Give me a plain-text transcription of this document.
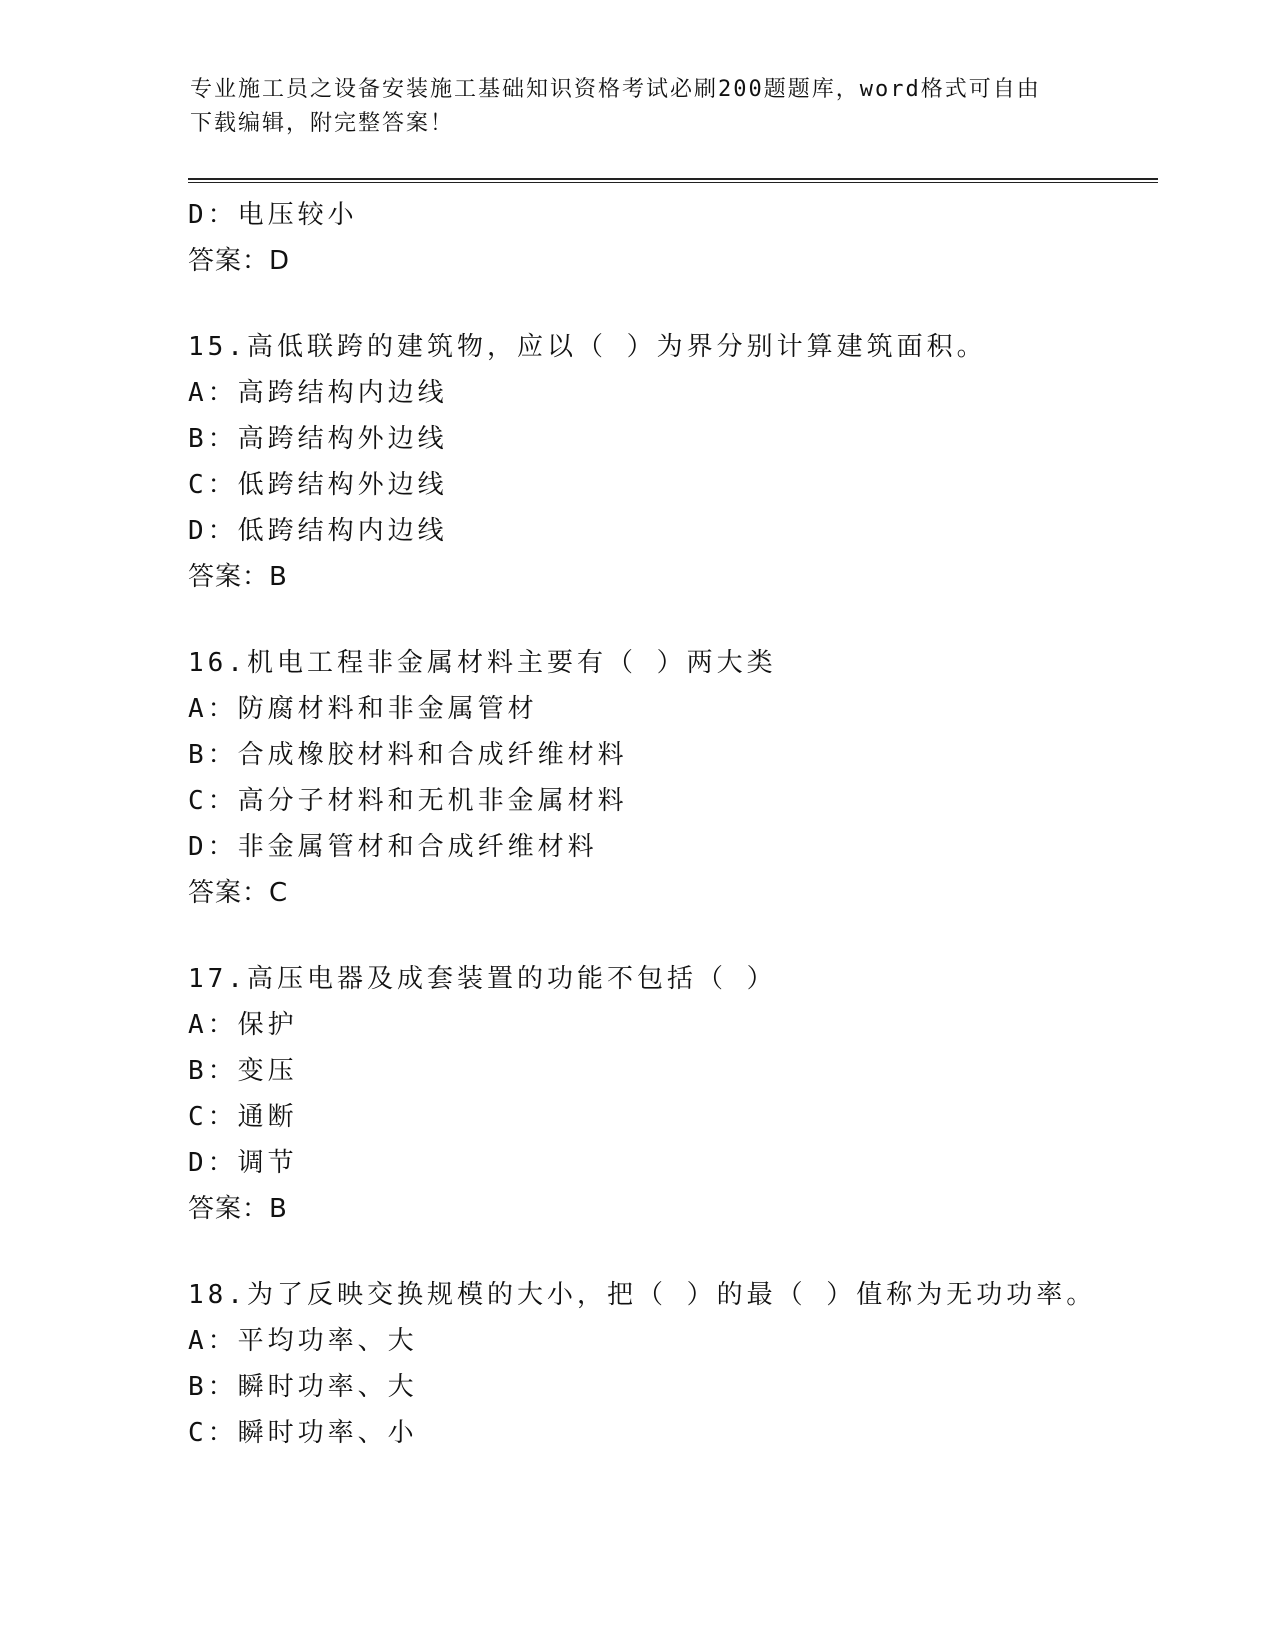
专业施工员之设备安装施工基础知识资格考试必刷200题题库，word格式可自由
下载编辑，附完整答案！
D：电压较小
答案：D
15.高低联跨的建筑物，应以（ ）为界分别计算建筑面积。
A：高跨结构内边线
B：高跨结构外边线
C：低跨结构外边线
D：低跨结构内边线
答案：B
16.机电工程非金属材料主要有（ ）两大类
A：防腐材料和非金属管材
B：合成橡胶材料和合成纤维材料
C：高分子材料和无机非金属材料
D：非金属管材和合成纤维材料
答案：C
17.高压电器及成套装置的功能不包括（ ）
A：保护
B：变压
C：通断
D：调节
答案：B
18.为了反映交换规模的大小，把（ ）的最（ ）值称为无功功率。
A：平均功率、大
B：瞬时功率、大
C：瞬时功率、小
